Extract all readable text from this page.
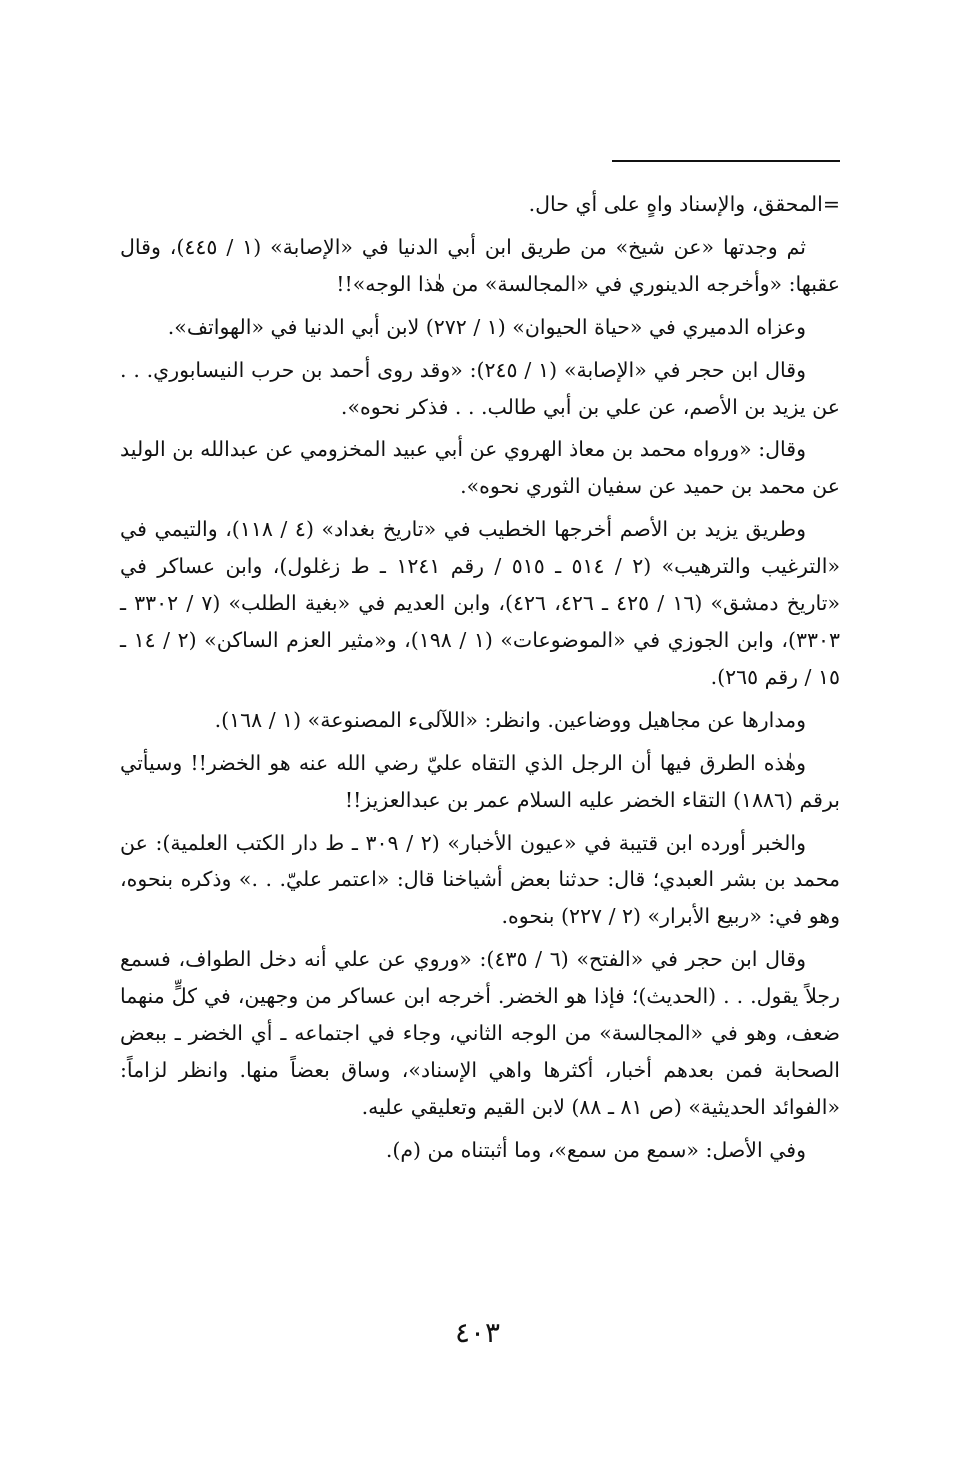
=المحقق، والإسناد واهٍ على أي حال.

ثم وجدتها «عن شيخ» من طريق ابن أبي الدنيا في «الإصابة» (١ / ٤٤٥)، وقال عقبها: «وأخرجه الدينوري في «المجالسة» من هٰذا الوجه»!!

وعزاه الدميري في «حياة الحيوان» (١ / ٢٧٢) لابن أبي الدنيا في «الهواتف».

وقال ابن حجر في «الإصابة» (١ / ٢٤٥): «وقد روى أحمد بن حرب النيسابوري. . . عن يزيد بن الأصم، عن علي بن أبي طالب. . . فذكر نحوه».

وقال: «ورواه محمد بن معاذ الهروي عن أبي عبيد المخزومي عن عبدالله بن الوليد عن محمد بن حميد عن سفيان الثوري نحوه».

وطريق يزيد بن الأصم أخرجها الخطيب في «تاريخ بغداد» (٤ / ١١٨)، والتيمي في «الترغيب والترهيب» (٢ / ٥١٤ ـ ٥١٥ / رقم ١٢٤١ ـ ط زغلول)، وابن عساكر في «تاريخ دمشق» (١٦ / ٤٢٥ ـ ٤٢٦، ٤٢٦)، وابن العديم في «بغية الطلب» (٧ / ٣٣٠٢ ـ ٣٣٠٣)، وابن الجوزي في «الموضوعات» (١ / ١٩٨)، و«مثير العزم الساكن» (٢ / ١٤ ـ ١٥ / رقم ٢٦٥).

ومدارها عن مجاهيل ووضاعين. وانظر: «اللآلىء المصنوعة» (١ / ١٦٨).

وهٰذه الطرق فيها أن الرجل الذي التقاه عليّ رضي الله عنه هو الخضر!! وسيأتي برقم (١٨٨٦) التقاء الخضر عليه السلام عمر بن عبدالعزيز!!

والخبر أورده ابن قتيبة في «عيون الأخبار» (٢ / ٣٠٩ ـ ط دار الكتب العلمية): عن محمد بن بشر العبدي؛ قال: حدثنا بعض أشياخنا قال: «اعتمر عليّ. . .» وذكره بنحوه، وهو في: «ربيع الأبرار» (٢ / ٢٢٧) بنحوه.

وقال ابن حجر في «الفتح» (٦ / ٤٣٥): «وروي عن علي أنه دخل الطواف، فسمع رجلاً يقول. . . (الحديث)؛ فإذا هو الخضر. أخرجه ابن عساكر من وجهين، في كلٍّ منهما ضعف، وهو في «المجالسة» من الوجه الثاني، وجاء في اجتماعه ـ أي الخضر ـ ببعض الصحابة فمن بعدهم أخبار، أكثرها واهي الإسناد»، وساق بعضاً منها. وانظر لزاماً: «الفوائد الحديثية» (ص ٨١ ـ ٨٨) لابن القيم وتعليقي عليه.

وفي الأصل: «سمع من سمع»، وما أثبتناه من (م).

٤٠٣
